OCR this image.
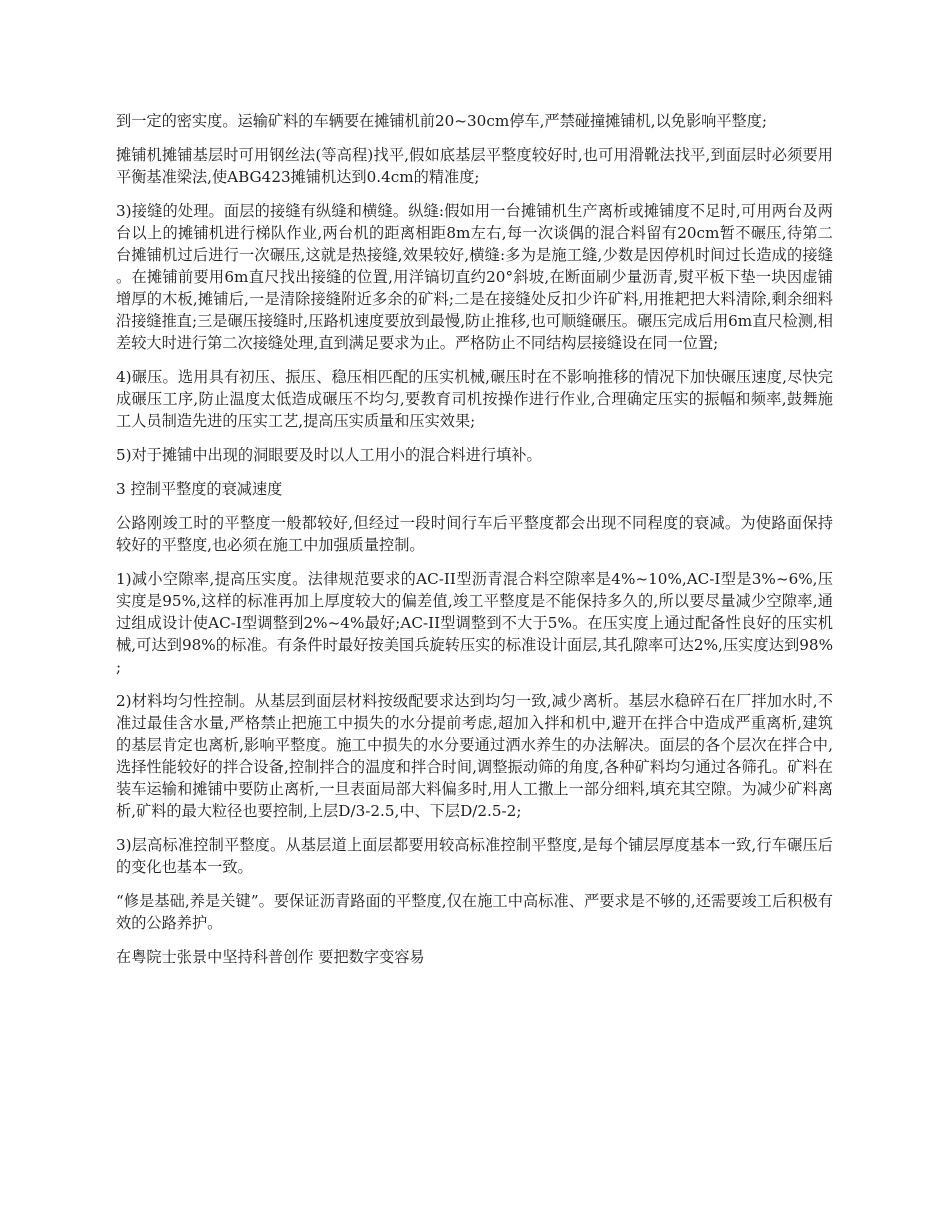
到一定的密实度。运输矿料的车辆要在摊铺机前20~30cm停车,严禁碰撞摊铺机,以免影响平整度;

摊铺机摊铺基层时可用钢丝法(等高程)找平,假如底基层平整度较好时,也可用滑靴法找平,到面层时必须要用平衡基准梁法,使ABG423摊铺机达到0.4cm的精准度;

3)接缝的处理。面层的接缝有纵缝和横缝。纵缝:假如用一台摊铺机生产离析或摊铺度不足时,可用两台及两台以上的摊铺机进行梯队作业,两台机的距离相距8m左右,每一次谈偶的混合料留有20cm暂不碾压,待第二台摊铺机过后进行一次碾压,这就是热接缝,效果较好,横缝:多为是施工缝,少数是因停机时间过长造成的接缝。在摊铺前要用6m直尺找出接缝的位置,用洋镐切直约20°斜坡,在断面刷少量沥青,熨平板下垫一块因虚铺增厚的木板,摊铺后,一是清除接缝附近多余的矿料;二是在接缝处反扣少许矿料,用推耙把大料清除,剩余细料沿接缝推直;三是碾压接缝时,压路机速度要放到最慢,防止推移,也可顺缝碾压。碾压完成后用6m直尺检测,相差较大时进行第二次接缝处理,直到满足要求为止。严格防止不同结构层接缝设在同一位置;

4)碾压。选用具有初压、振压、稳压相匹配的压实机械,碾压时在不影响推移的情况下加快碾压速度,尽快完成碾压工序,防止温度太低造成碾压不均匀,要教育司机按操作进行作业,合理确定压实的振幅和频率,鼓舞施工人员制造先进的压实工艺,提高压实质量和压实效果;

5)对于摊铺中出现的洞眼要及时以人工用小的混合料进行填补。

3 控制平整度的衰减速度

公路刚竣工时的平整度一般都较好,但经过一段时间行车后平整度都会出现不同程度的衰减。为使路面保持较好的平整度,也必须在施工中加强质量控制。

1)减小空隙率,提高压实度。法律规范要求的AC-II型沥青混合料空隙率是4%~10%,AC-I型是3%~6%,压实度是95%,这样的标准再加上厚度较大的偏差值,竣工平整度是不能保持多久的,所以要尽量减少空隙率,通过组成设计使AC-I型调整到2%~4%最好;AC-II型调整到不大于5%。在压实度上通过配备性良好的压实机械,可达到98%的标准。有条件时最好按美国兵旋转压实的标准设计面层,其孔隙率可达2%,压实度达到98%;

2)材料均匀性控制。从基层到面层材料按级配要求达到均匀一致,减少离析。基层水稳碎石在厂拌加水时,不准过最佳含水量,严格禁止把施工中损失的水分提前考虑,超加入拌和机中,避开在拌合中造成严重离析,建筑的基层肯定也离析,影响平整度。施工中损失的水分要通过洒水养生的办法解决。面层的各个层次在拌合中,选择性能较好的拌合设备,控制拌合的温度和拌合时间,调整振动筛的角度,各种矿料均匀通过各筛孔。矿料在装车运输和摊铺中要防止离析,一旦表面局部大料偏多时,用人工撒上一部分细料,填充其空隙。为减少矿料离析,矿料的最大粒径也要控制,上层D/3-2.5,中、下层D/2.5-2;

3)层高标准控制平整度。从基层道上面层都要用较高标准控制平整度,是每个铺层厚度基本一致,行车碾压后的变化也基本一致。

“修是基础,养是关键”。要保证沥青路面的平整度,仅在施工中高标准、严要求是不够的,还需要竣工后积极有效的公路养护。

在粤院士张景中坚持科普创作 要把数字变容易
